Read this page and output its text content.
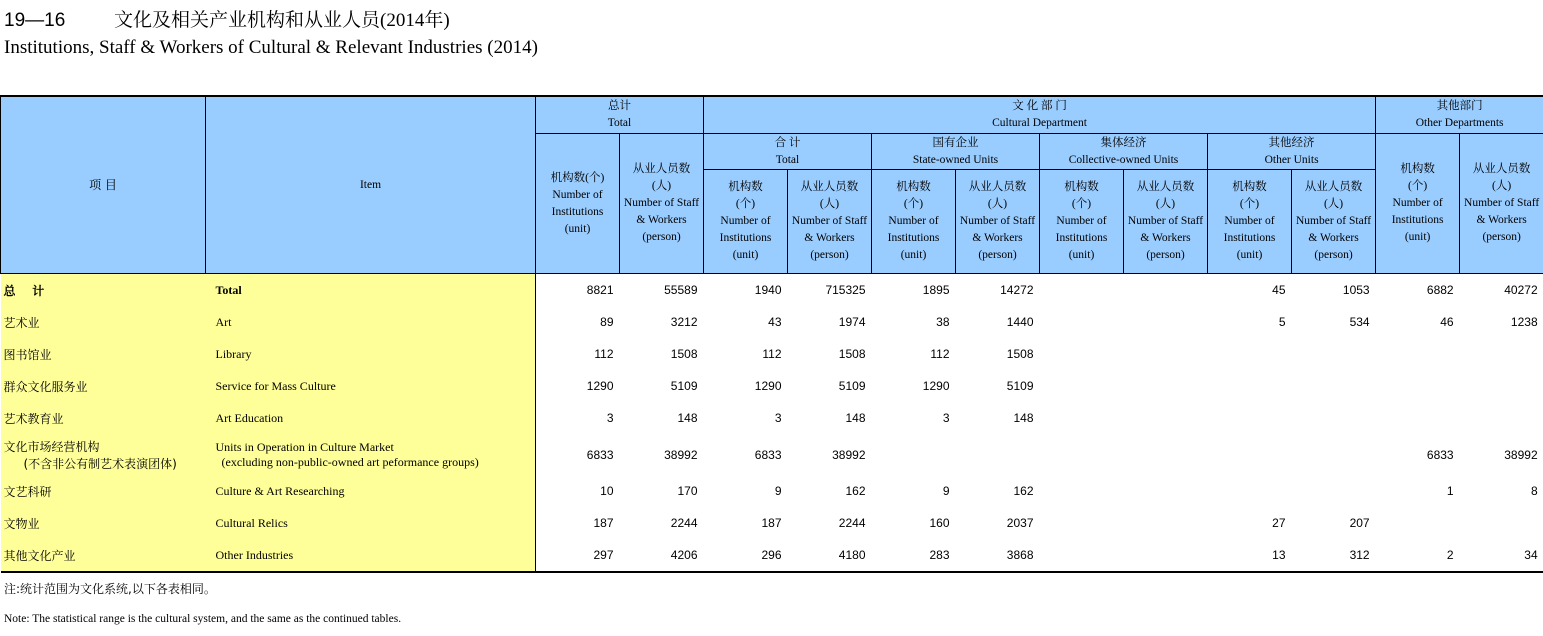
19—16	文化及相关产业机构和从业人员(2014年)
Institutions, Staff & Workers of Cultural & Relevant Industries (2014)
项 目	Item	总计
Total		文 化 部 门
Cultural Department								其他部门
Other Departments	

		机构数(个)
Number of Institutions
(unit)	从业人员数
(人)
Number of Staff & Workers
(person)	合 计
Total		国有企业
State-owned Units		集体经济
Collective-owned Units		其他经济
Other Units		机构数
(个)
Number of Institutions
(unit)	从业人员数
(人)
Number of Staff & Workers
(person)

				机构数
(个)
Number of Institutions
(unit)	从业人员数
(人)
Number of Staff & Workers
(person)	机构数
(个)
Number of Institutions
(unit)	从业人员数
(人)
Number of Staff & Workers
(person)	机构数
(个)
Number of Institutions
(unit)	从业人员数
(人)
Number of Staff & Workers
(person)	机构数
(个)
Number of Institutions
(unit)	从业人员数
(人)
Number of Staff & Workers
(person)		

总    计	Total	8821	55589	1940	715325	1895	14272			45	1053	6882	40272

艺术业	Art	89	3212	43	1974	38	1440			5	534	46	1238

图书馆业	Library	112	1508	112	1508	112	1508						

群众文化服务业	Service for Mass Culture	1290	5109	1290	5109	1290	5109						

艺术教育业	Art Education	3	148	3	148	3	148						

文化市场经营机构
(不含非公有制艺术表演团体)	Units in Operation in Culture Market
(excluding non-public-owned art peformance groups)	6833	38992	6833	38992							6833	38992

文艺科研	Culture & Art Researching	10	170	9	162	9	162					1	8

文物业	Cultural Relics	187	2244	187	2244	160	2037			27	207		

其他文化产业	Other Industries	297	4206	296	4180	283	3868			13	312	2	34
注:统计范围为文化系统,以下各表相同。
Note: The statistical range is the cultural system, and the same as the continued tables.
